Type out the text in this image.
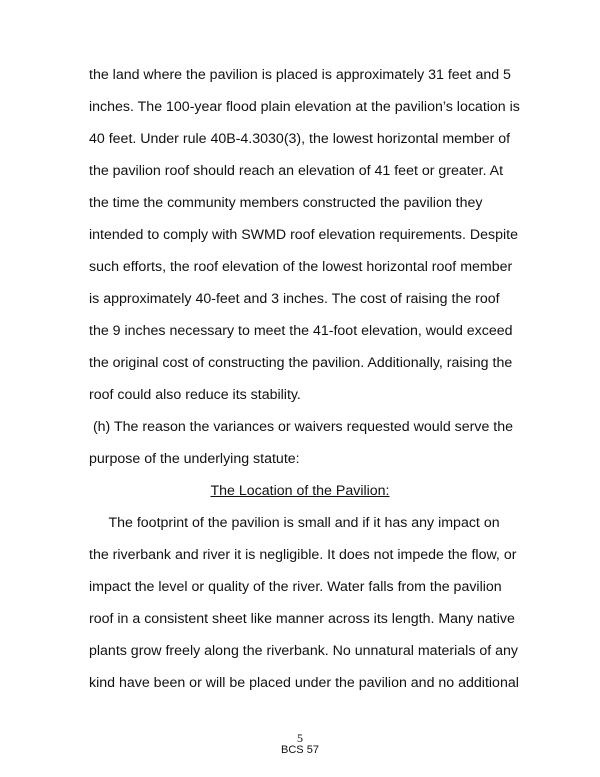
the land where the pavilion is placed is approximately 31 feet and 5
inches. The 100-year flood plain elevation at the pavilion’s location is
40 feet. Under rule 40B-4.3030(3), the lowest horizontal member of
the pavilion roof should reach an elevation of 41 feet or greater. At
the time the community members constructed the pavilion they
intended to comply with SWMD roof elevation requirements. Despite
such efforts, the roof elevation of the lowest horizontal roof member
is approximately 40-feet and 3 inches. The cost of raising the roof
the 9 inches necessary to meet the 41-foot elevation, would exceed
the original cost of constructing the pavilion. Additionally, raising the
roof could also reduce its stability.
(h) The reason the variances or waivers requested would serve the
purpose of the underlying statute:
The Location of the Pavilion:
The footprint of the pavilion is small and if it has any impact on
the riverbank and river it is negligible. It does not impede the flow, or
impact the level or quality of the river. Water falls from the pavilion
roof in a consistent sheet like manner across its length. Many native
plants grow freely along the riverbank. No unnatural materials of any
kind have been or will be placed under the pavilion and no additional
5
BCS 57
